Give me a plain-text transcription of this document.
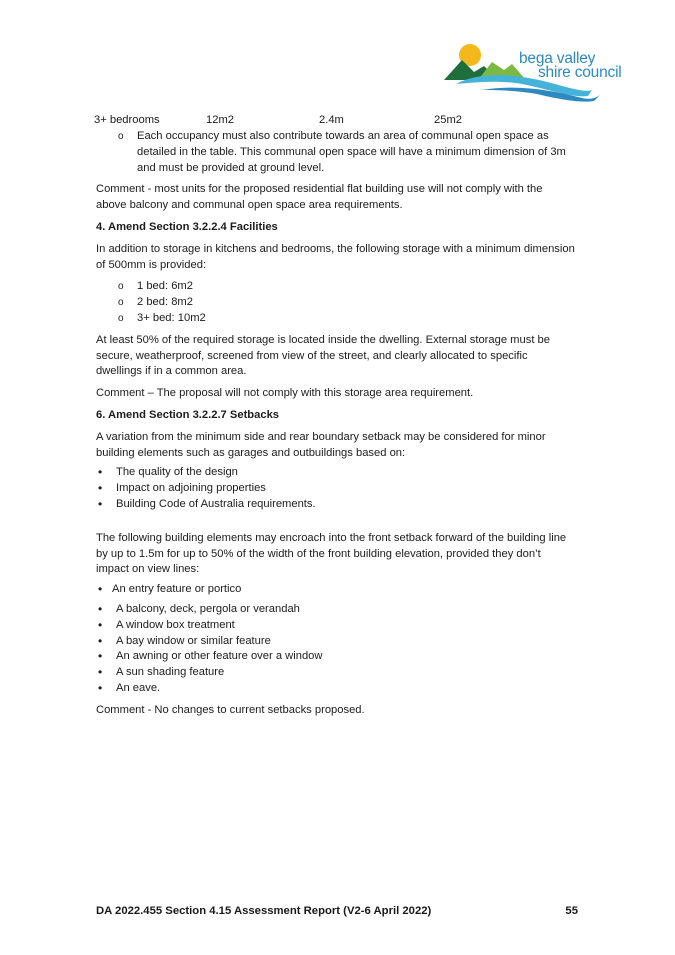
bega valley
shire council
3+ bedrooms	12m2	2.4m	25m2
o Each occupancy must also contribute towards an area of communal open space as detailed in the table. This communal open space will have a minimum dimension of 3m and must be provided at ground level.

Comment - most units for the proposed residential flat building use will not comply with the above balcony and communal open space area requirements.

4. Amend Section 3.2.2.4 Facilities

In addition to storage in kitchens and bedrooms, the following storage with a minimum dimension of 500mm is provided:

o 1 bed: 6m2
o 2 bed: 8m2
o 3+ bed: 10m2

At least 50% of the required storage is located inside the dwelling. External storage must be secure, weatherproof, screened from view of the street, and clearly allocated to specific dwellings if in a common area.

Comment – The proposal will not comply with this storage area requirement.

6. Amend Section 3.2.2.7 Setbacks

A variation from the minimum side and rear boundary setback may be considered for minor building elements such as garages and outbuildings based on:

• The quality of the design
• Impact on adjoining properties
• Building Code of Australia requirements.

The following building elements may encroach into the front setback forward of the building line by up to 1.5m for up to 50% of the width of the front building elevation, provided they don’t impact on view lines:

• An entry feature or portico
• A balcony, deck, pergola or verandah
• A window box treatment
• A bay window or similar feature
• An awning or other feature over a window
• A sun shading feature
• An eave.

Comment - No changes to current setbacks proposed.

DA 2022.455 Section 4.15 Assessment Report (V2-6 April 2022)	55
